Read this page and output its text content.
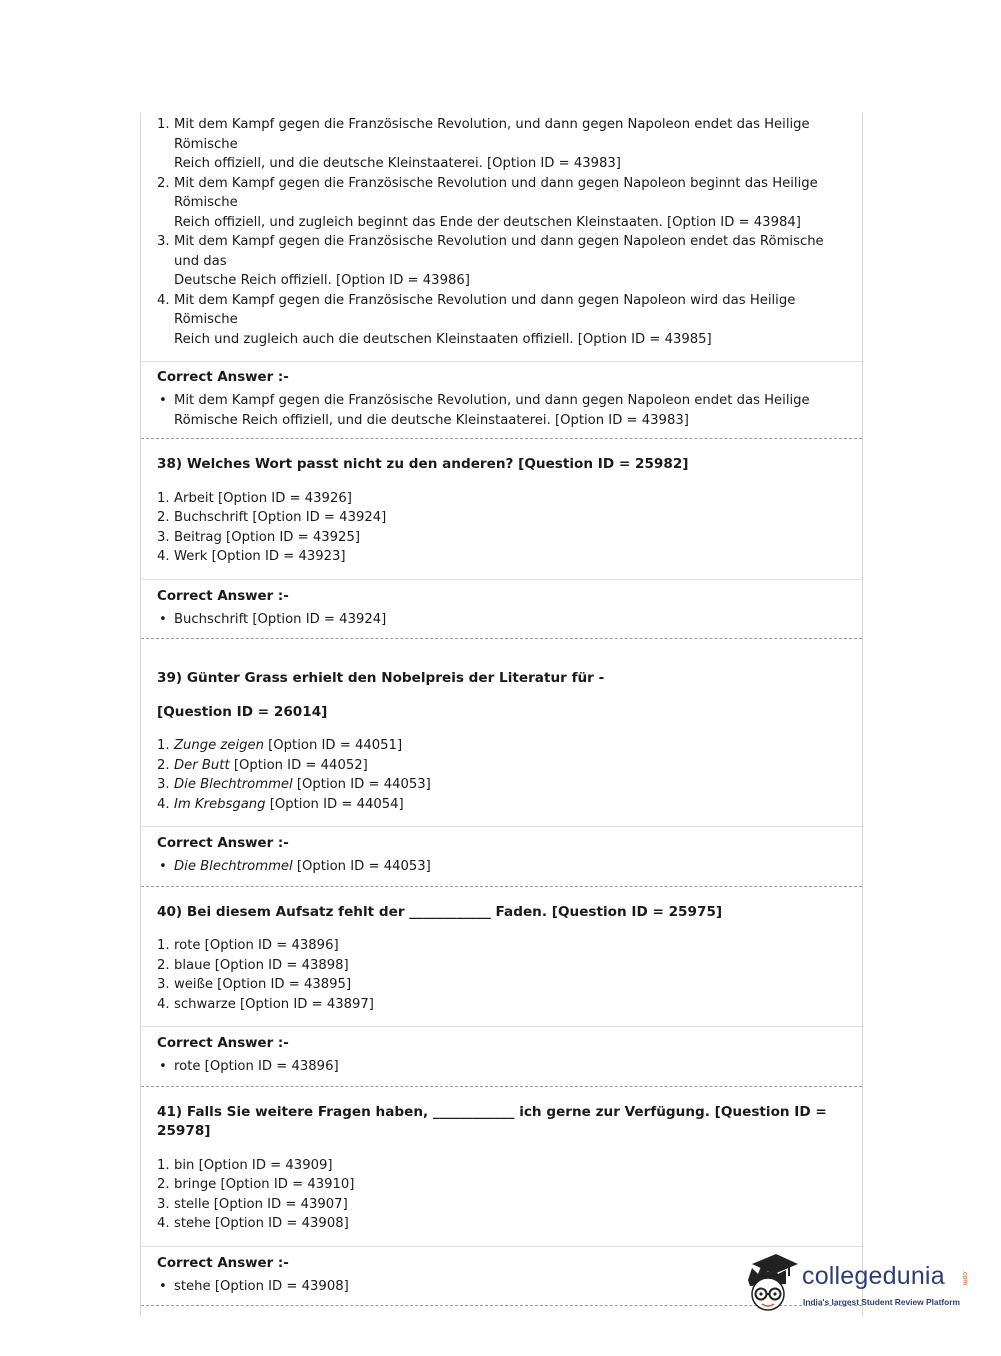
1. Mit dem Kampf gegen die Französische Revolution, und dann gegen Napoleon endet das Heilige Römische
Reich offiziell, und die deutsche Kleinstaaterei. [Option ID = 43983]
2. Mit dem Kampf gegen die Französische Revolution und dann gegen Napoleon beginnt das Heilige Römische
Reich offiziell, und zugleich beginnt das Ende der deutschen Kleinstaaten. [Option ID = 43984]
3. Mit dem Kampf gegen die Französische Revolution und dann gegen Napoleon endet das Römische und das
Deutsche Reich offiziell. [Option ID = 43986]
4. Mit dem Kampf gegen die Französische Revolution und dann gegen Napoleon wird das Heilige Römische
Reich und zugleich auch die deutschen Kleinstaaten offiziell. [Option ID = 43985]

Correct Answer :-

• Mit dem Kampf gegen die Französische Revolution, und dann gegen Napoleon endet das Heilige
Römische Reich offiziell, und die deutsche Kleinstaaterei. [Option ID = 43983]

38) Welches Wort passt nicht zu den anderen? [Question ID = 25982]

1. Arbeit [Option ID = 43926]
2. Buchschrift [Option ID = 43924]
3. Beitrag [Option ID = 43925]
4. Werk [Option ID = 43923]

Correct Answer :-

• Buchschrift [Option ID = 43924]

39) Günter Grass erhielt den Nobelpreis der Literatur für -

[Question ID = 26014]

1. Zunge zeigen [Option ID = 44051]
2. Der Butt [Option ID = 44052]
3. Die Blechtrommel [Option ID = 44053]
4. Im Krebsgang [Option ID = 44054]

Correct Answer :-

• Die Blechtrommel [Option ID = 44053]

40) Bei diesem Aufsatz fehlt der ____________ Faden. [Question ID = 25975]

1. rote [Option ID = 43896]
2. blaue [Option ID = 43898]
3. weiße [Option ID = 43895]
4. schwarze [Option ID = 43897]

Correct Answer :-

• rote [Option ID = 43896]

41) Falls Sie weitere Fragen haben, ____________ ich gerne zur Verfügung. [Question ID =
25978]

1. bin [Option ID = 43909]
2. bringe [Option ID = 43910]
3. stelle [Option ID = 43907]
4. stehe [Option ID = 43908]

Correct Answer :-

• stehe [Option ID = 43908]	collegedunia .com
India's largest Student Review Platform
